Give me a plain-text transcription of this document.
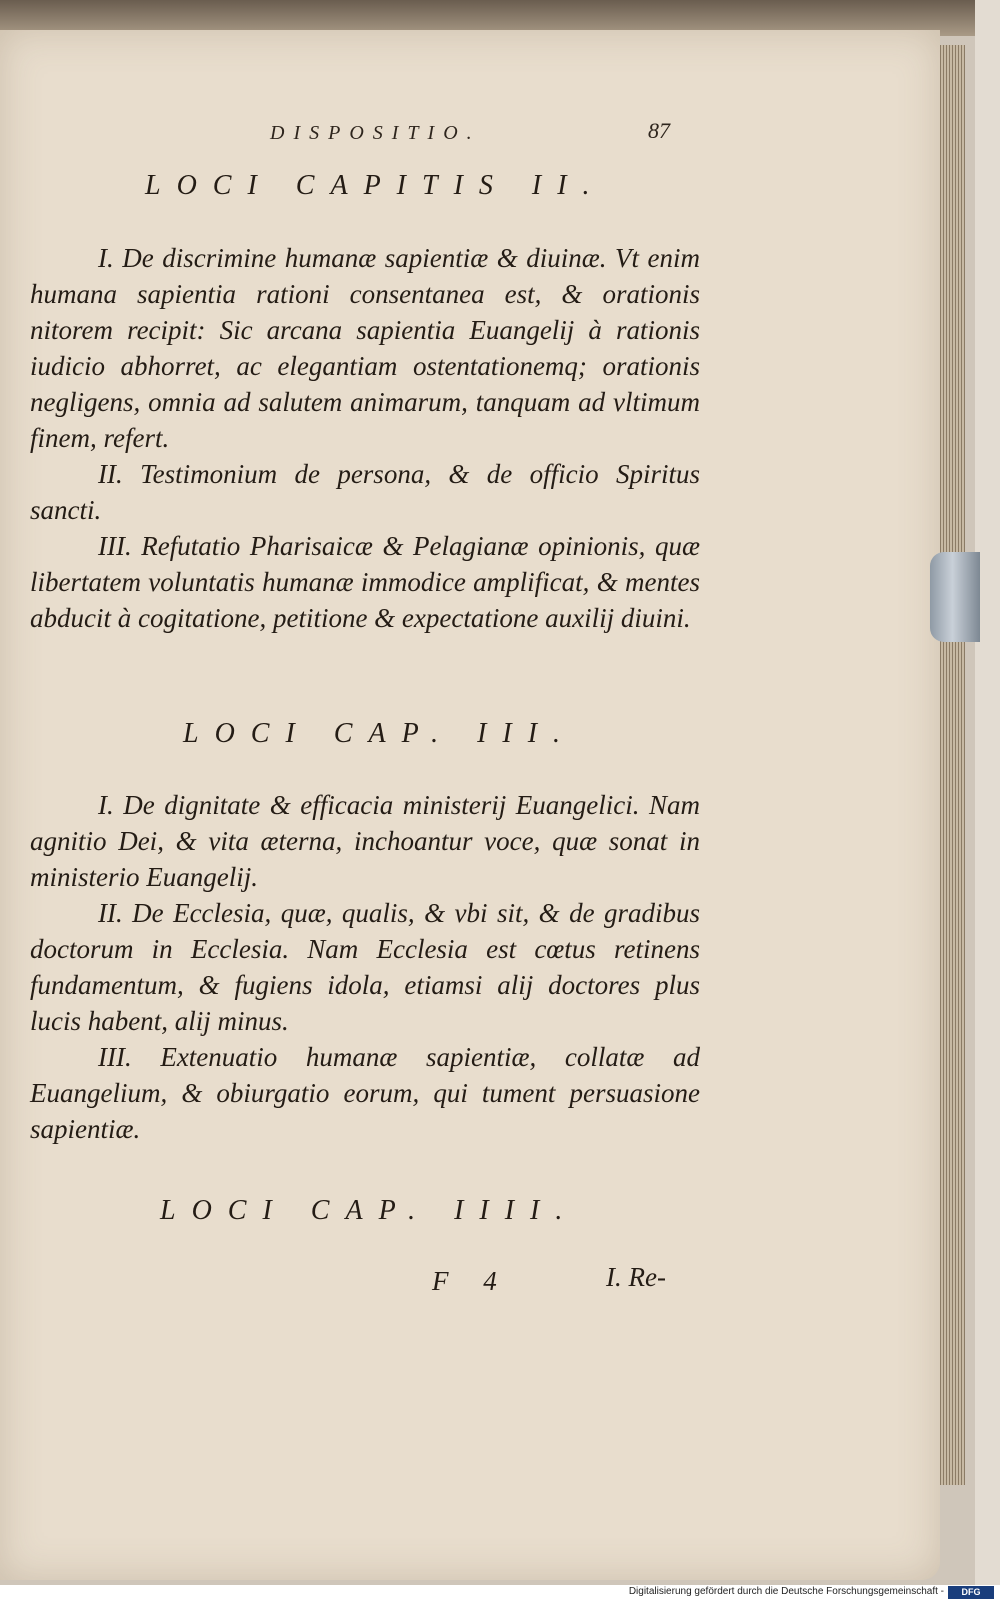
DISPOSITIO.	87
LOCI CAPITIS II.

I. De discrimine humanæ sapientiæ & diuinæ. Vt enim humana sapientia rationi consentanea est, & orationis nitorem recipit: Sic arcana sapientia Euangelij à rationis iudicio abhorret, ac elegantiam ostentationemq; orationis negligens, omnia ad salutem animarum, tanquam ad vltimum finem, refert.

II. Testimonium de persona, & de officio Spiritus sancti.

III. Refutatio Pharisaicæ & Pelagianæ opinionis, quæ libertatem voluntatis humanæ immodice amplificat, & mentes abducit à cogitatione, petitione & expectatione auxilij diuini.

LOCI CAP. III.

I. De dignitate & efficacia ministerij Euangelici. Nam agnitio Dei, & vita æterna, inchoantur voce, quæ sonat in ministerio Euangelij.

II. De Ecclesia, quæ, qualis, & vbi sit, & de gradibus doctorum in Ecclesia. Nam Ecclesia est cœtus retinens fundamentum, & fugiens idola, etiamsi alij doctores plus lucis habent, alij minus.

III. Extenuatio humanæ sapientiæ, collatæ ad Euangelium, & obiurgatio eorum, qui tument persuasione sapientiæ.

LOCI CAP. IIII.
F 4	I. Re-
Digitalisierung gefördert durch die Deutsche Forschungsgemeinschaft -	DFG
